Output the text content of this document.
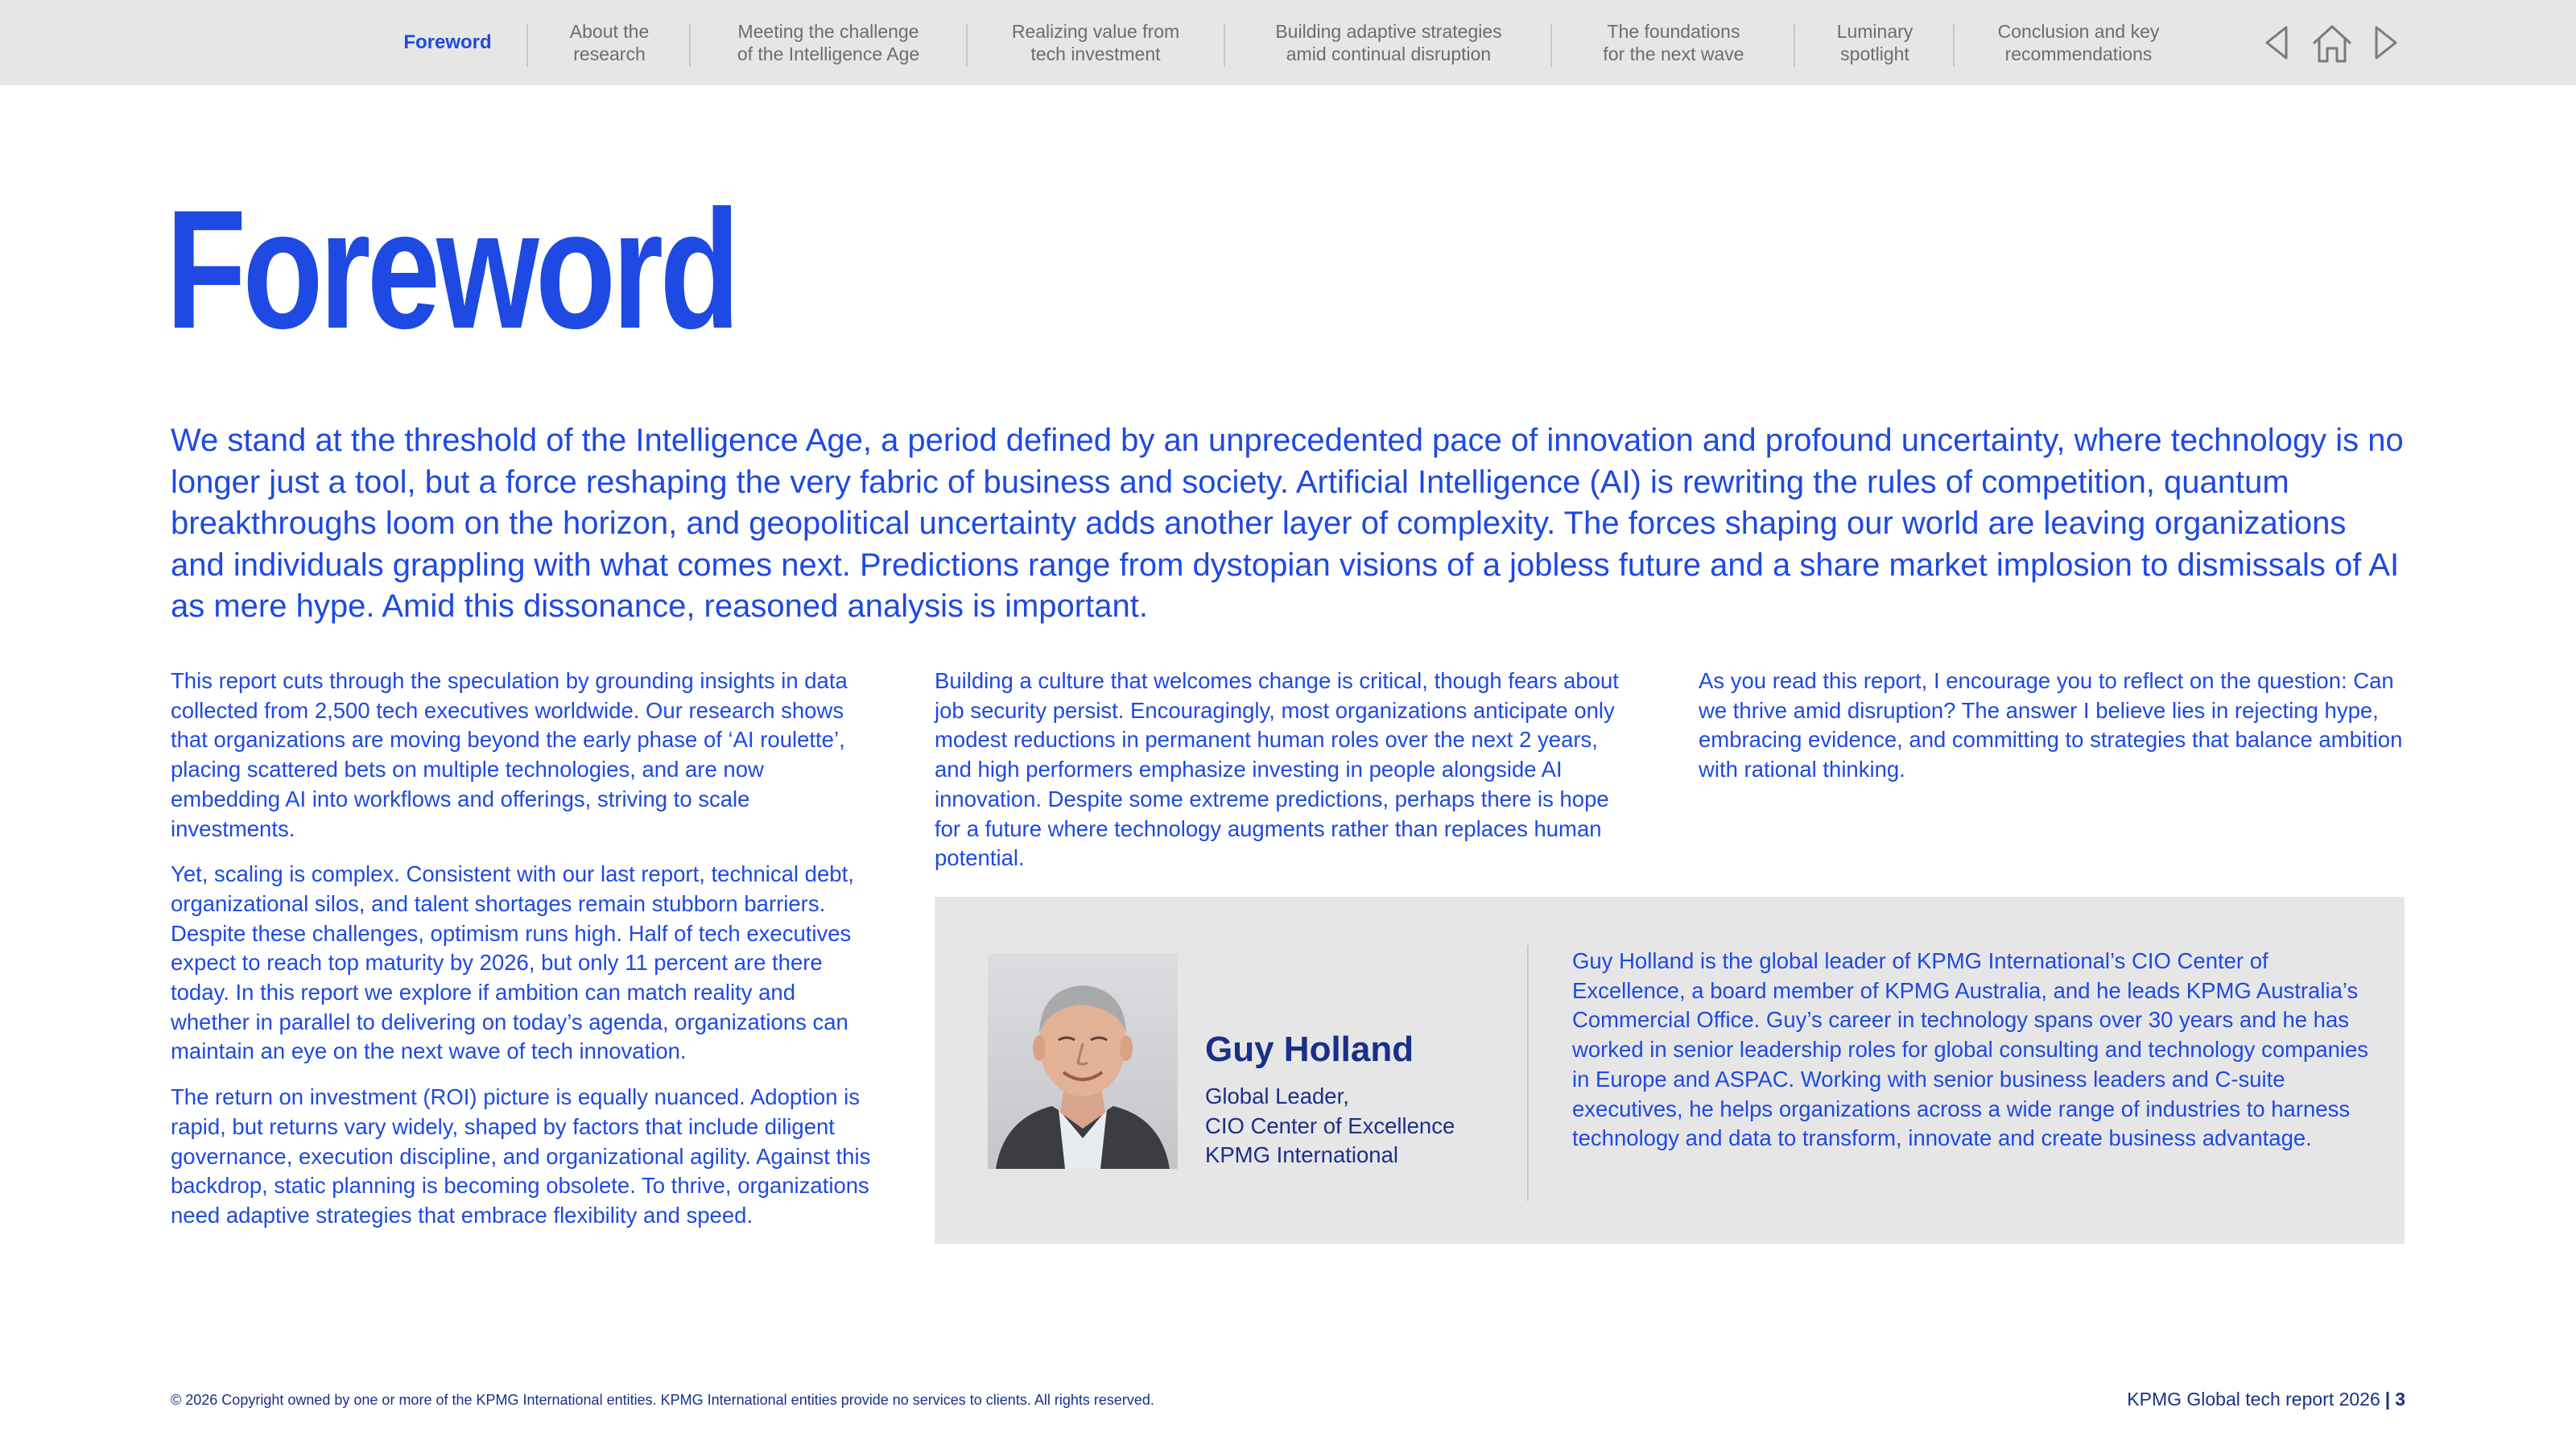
Foreword	About the
research
Meeting the challenge
of the Intelligence Age
Realizing value from
tech investment
Building adaptive strategies
amid continual disruption
The foundations
for the next wave
Luminary
spotlight
Conclusion and key
recommendations
Foreword

We stand at the threshold of the Intelligence Age, a period defined by an unprecedented pace of innovation and profound uncertainty, where technology is no longer just a tool, but a force reshaping the very fabric of business and society. Artificial Intelligence (AI) is rewriting the rules of competition, quantum breakthroughs loom on the horizon, and geopolitical uncertainty adds another layer of complexity. The forces shaping our world are leaving organizations and individuals grappling with what comes next. Predictions range from dystopian visions of a jobless future and a share market implosion to dismissals of AI as mere hype. Amid this dissonance, reasoned analysis is important.

This report cuts through the speculation by grounding insights in data collected from 2,500 tech executives worldwide. Our research shows that organizations are moving beyond the early phase of ‘AI roulette’, placing scattered bets on multiple technologies, and are now embedding AI into workflows and offerings, striving to scale investments.

Yet, scaling is complex. Consistent with our last report, technical debt, organizational silos, and talent shortages remain stubborn barriers. Despite these challenges, optimism runs high. Half of tech executives expect to reach top maturity by 2026, but only 11 percent are there today. In this report we explore if ambition can match reality and whether in parallel to delivering on today’s agenda, organizations can maintain an eye on the next wave of tech innovation.

The return on investment (ROI) picture is equally nuanced. Adoption is rapid, but returns vary widely, shaped by factors that include diligent governance, execution discipline, and organizational agility. Against this backdrop, static planning is becoming obsolete. To thrive, organizations need adaptive strategies that embrace flexibility and speed.

Building a culture that welcomes change is critical, though fears about job security persist. Encouragingly, most organizations anticipate only modest reductions in permanent human roles over the next 2 years, and high performers emphasize investing in people alongside AI innovation. Despite some extreme predictions, perhaps there is hope for a future where technology augments rather than replaces human potential.

As you read this report, I encourage you to reflect on the question: Can we thrive amid disruption? The answer I believe lies in rejecting hype, embracing evidence, and committing to strategies that balance ambition with rational thinking.

Guy Holland
Global Leader,
CIO Center of Excellence
KPMG International

Guy Holland is the global leader of KPMG International’s CIO Center of Excellence, a board member of KPMG Australia, and he leads KPMG Australia’s Commercial Office. Guy’s career in technology spans over 30 years and he has worked in senior leadership roles for global consulting and technology companies in Europe and ASPAC. Working with senior business leaders and C-suite executives, he helps organizations across a wide range of industries to harness technology and data to transform, innovate and create business advantage.

© 2026 Copyright owned by one or more of the KPMG International entities. KPMG International entities provide no services to clients. All rights reserved.	KPMG Global tech report 2026 | 3
